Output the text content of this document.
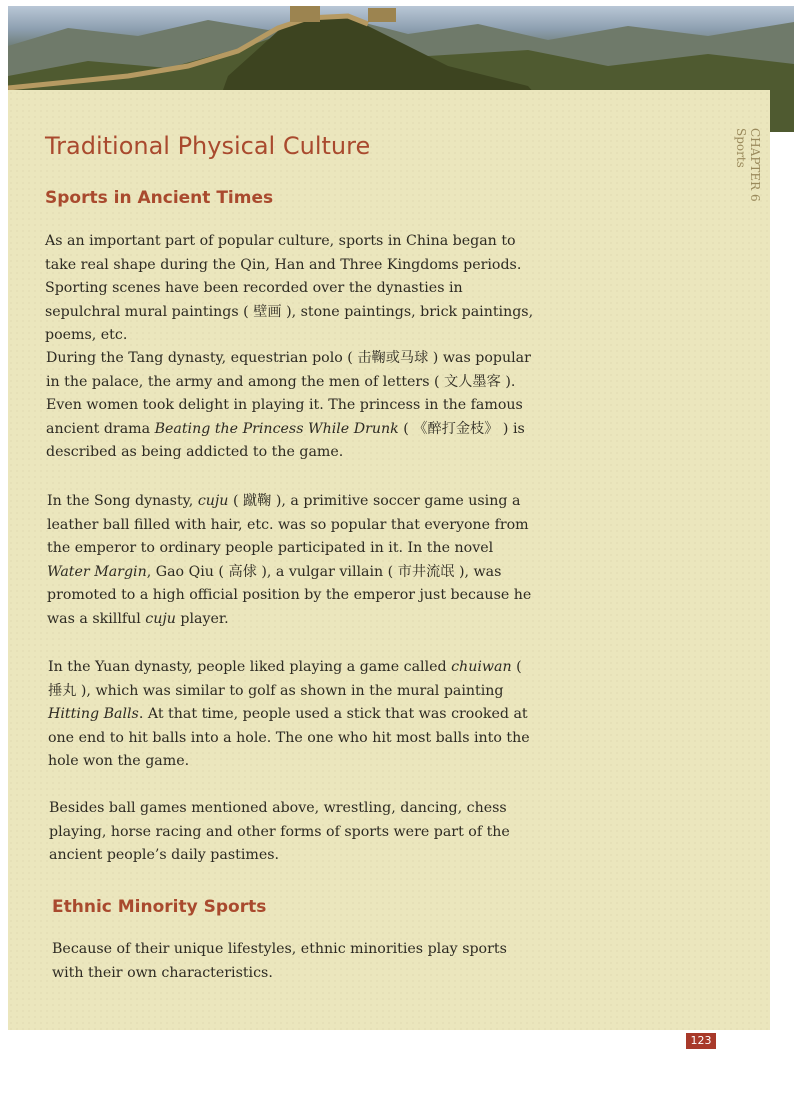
CHAPTER 6
Sports
Traditional Physical Culture
Sports in Ancient Times

As an important part of popular culture, sports in China began to take real shape during the Qin, Han and Three Kingdoms periods. Sporting scenes have been recorded over the dynasties in sepulchral mural paintings ( 壁画 ), stone paintings, brick paintings, poems, etc.

During the Tang dynasty, equestrian polo ( 击鞠或马球 ) was popular in the palace, the army and among the men of letters ( 文人墨客 ). Even women took delight in playing it. The princess in the famous ancient drama Beating the Princess While Drunk ( 《醉打金枝》 ) is described as being addicted to the game.

In the Song dynasty, cuju ( 蹴鞠 ), a primitive soccer game using a leather ball filled with hair, etc. was so popular that everyone from the emperor to ordinary people participated in it. In the novel Water Margin, Gao Qiu ( 高俅 ), a vulgar villain ( 市井流氓 ), was promoted to a high official position by the emperor just because he was a skillful cuju player.

In the Yuan dynasty, people liked playing a game called chuiwan ( 捶丸 ), which was similar to golf as shown in the mural painting Hitting Balls. At that time, people used a stick that was crooked at one end to hit balls into a hole. The one who hit most balls into the hole won the game.

Besides ball games mentioned above, wrestling, dancing, chess playing, horse racing and other forms of sports were part of the ancient people’s daily pastimes.

Ethnic Minority Sports

Because of their unique lifestyles, ethnic minorities play sports with their own characteristics.

123
